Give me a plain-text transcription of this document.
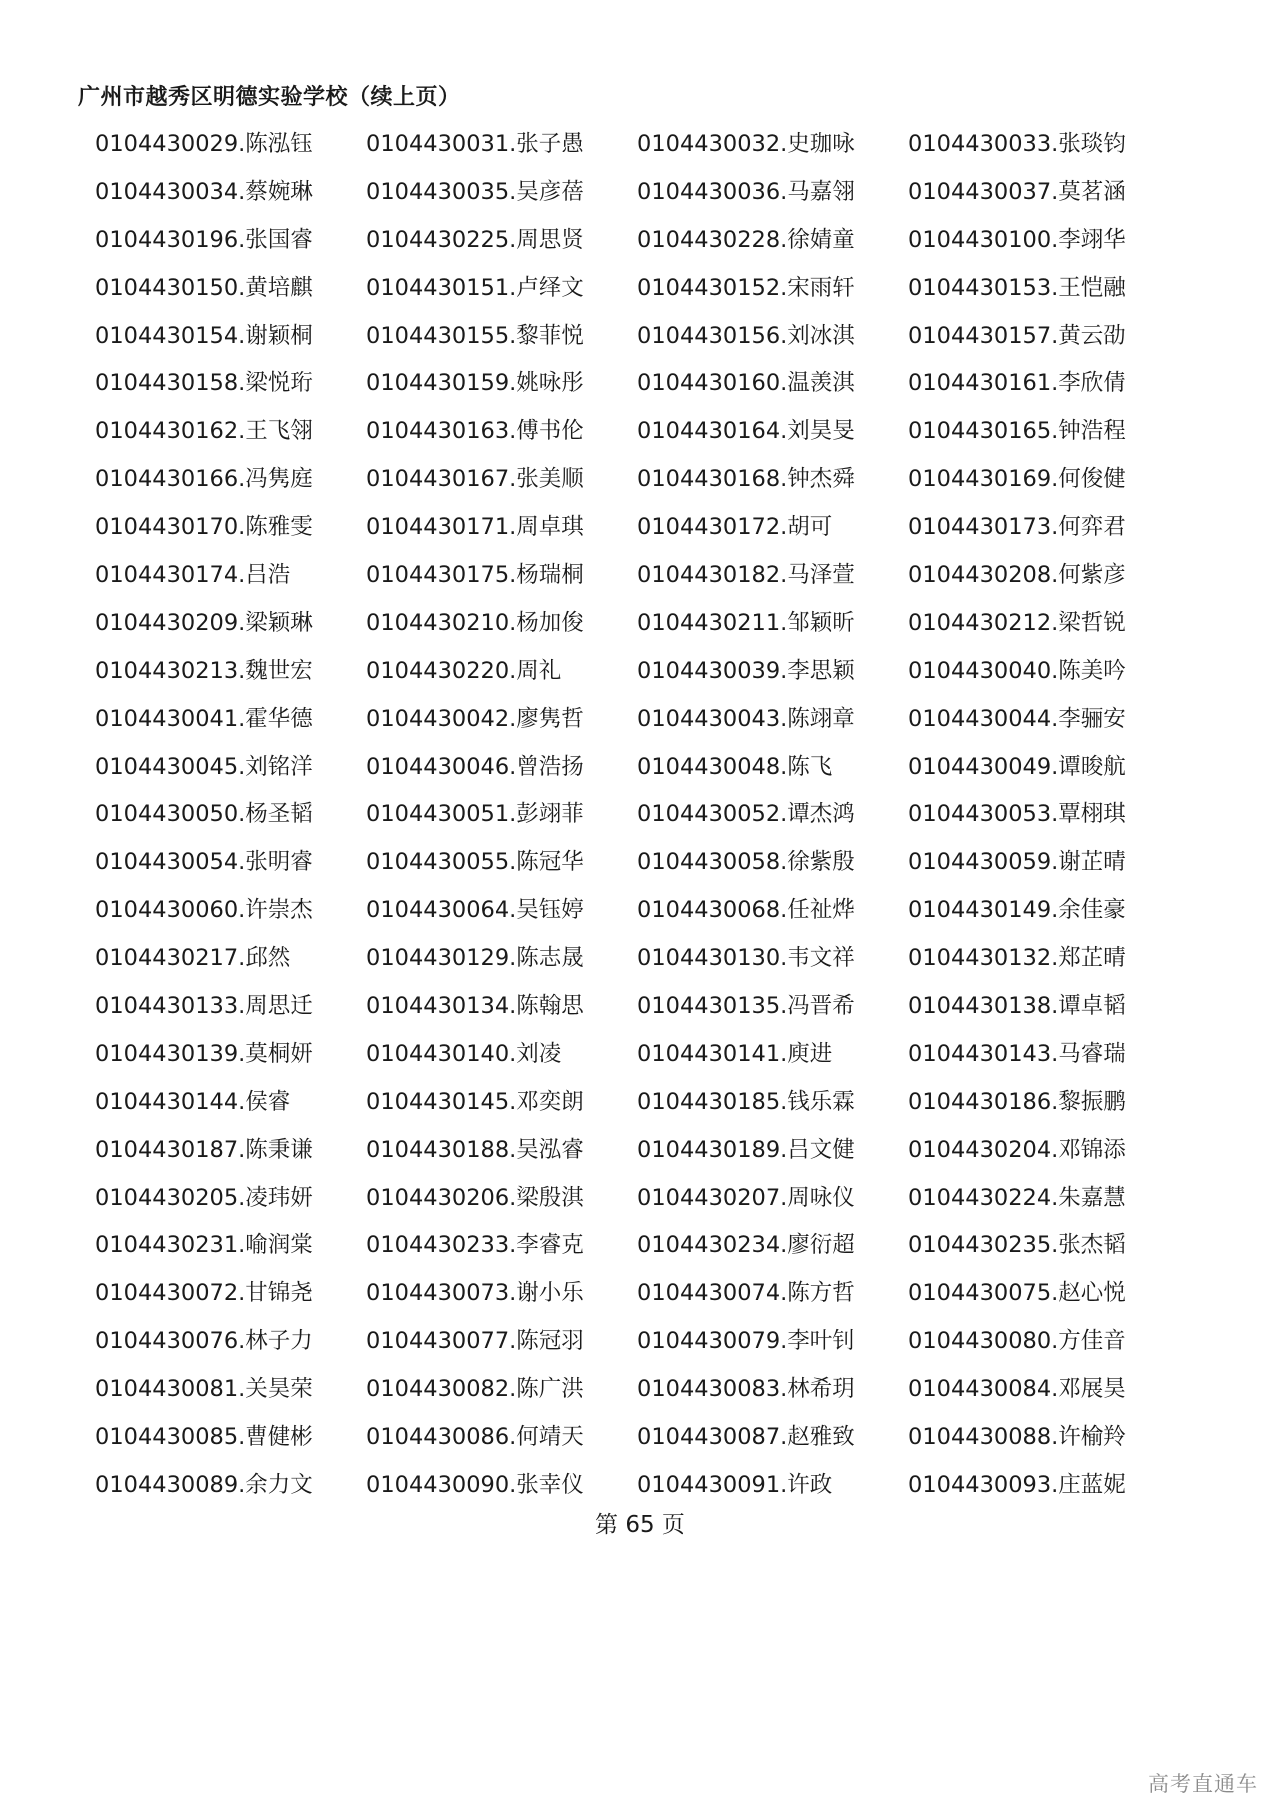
广州市越秀区明德实验学校（续上页）
0104430029.陈泓钰	0104430031.张子愚	0104430032.史珈咏	0104430033.张琰钧
0104430034.蔡婉琳	0104430035.吴彦蓓	0104430036.马嘉翎	0104430037.莫茗涵
0104430196.张国睿	0104430225.周思贤	0104430228.徐婧童	0104430100.李翊华
0104430150.黄培麒	0104430151.卢绎文	0104430152.宋雨轩	0104430153.王恺融
0104430154.谢颖桐	0104430155.黎菲悦	0104430156.刘冰淇	0104430157.黄云劭
0104430158.梁悦珩	0104430159.姚咏彤	0104430160.温羡淇	0104430161.李欣倩
0104430162.王飞翎	0104430163.傅书伦	0104430164.刘昊旻	0104430165.钟浩程
0104430166.冯隽庭	0104430167.张美顺	0104430168.钟杰舜	0104430169.何俊健
0104430170.陈雅雯	0104430171.周卓琪	0104430172.胡可	0104430173.何弈君
0104430174.吕浩	0104430175.杨瑞桐	0104430182.马泽萱	0104430208.何紫彦
0104430209.梁颖琳	0104430210.杨加俊	0104430211.邹颖昕	0104430212.梁哲锐
0104430213.魏世宏	0104430220.周礼	0104430039.李思颖	0104430040.陈美吟
0104430041.霍华德	0104430042.廖隽哲	0104430043.陈翊章	0104430044.李骊安
0104430045.刘铭洋	0104430046.曾浩扬	0104430048.陈飞	0104430049.谭晙航
0104430050.杨圣韬	0104430051.彭翊菲	0104430052.谭杰鸿	0104430053.覃栩琪
0104430054.张明睿	0104430055.陈冠华	0104430058.徐紫殷	0104430059.谢芷晴
0104430060.许崇杰	0104430064.吴钰婷	0104430068.任祉烨	0104430149.余佳豪
0104430217.邱然	0104430129.陈志晟	0104430130.韦文祥	0104430132.郑芷晴
0104430133.周思迁	0104430134.陈翰思	0104430135.冯晋希	0104430138.谭卓韬
0104430139.莫桐妍	0104430140.刘凌	0104430141.庾进	0104430143.马睿瑞
0104430144.侯睿	0104430145.邓奕朗	0104430185.钱乐霖	0104430186.黎振鹏
0104430187.陈秉谦	0104430188.吴泓睿	0104430189.吕文健	0104430204.邓锦添
0104430205.凌玮妍	0104430206.梁殷淇	0104430207.周咏仪	0104430224.朱嘉慧
0104430231.喻润棠	0104430233.李睿克	0104430234.廖衍超	0104430235.张杰韬
0104430072.甘锦尧	0104430073.谢小乐	0104430074.陈方哲	0104430075.赵心悦
0104430076.林子力	0104430077.陈冠羽	0104430079.李叶钊	0104430080.方佳音
0104430081.关昊荣	0104430082.陈广洪	0104430083.林希玥	0104430084.邓展昊
0104430085.曹健彬	0104430086.何靖天	0104430087.赵雅致	0104430088.许榆羚
0104430089.余力文	0104430090.张幸仪	0104430091.许政	0104430093.庄蓝妮
第 65 页
高考直通车
